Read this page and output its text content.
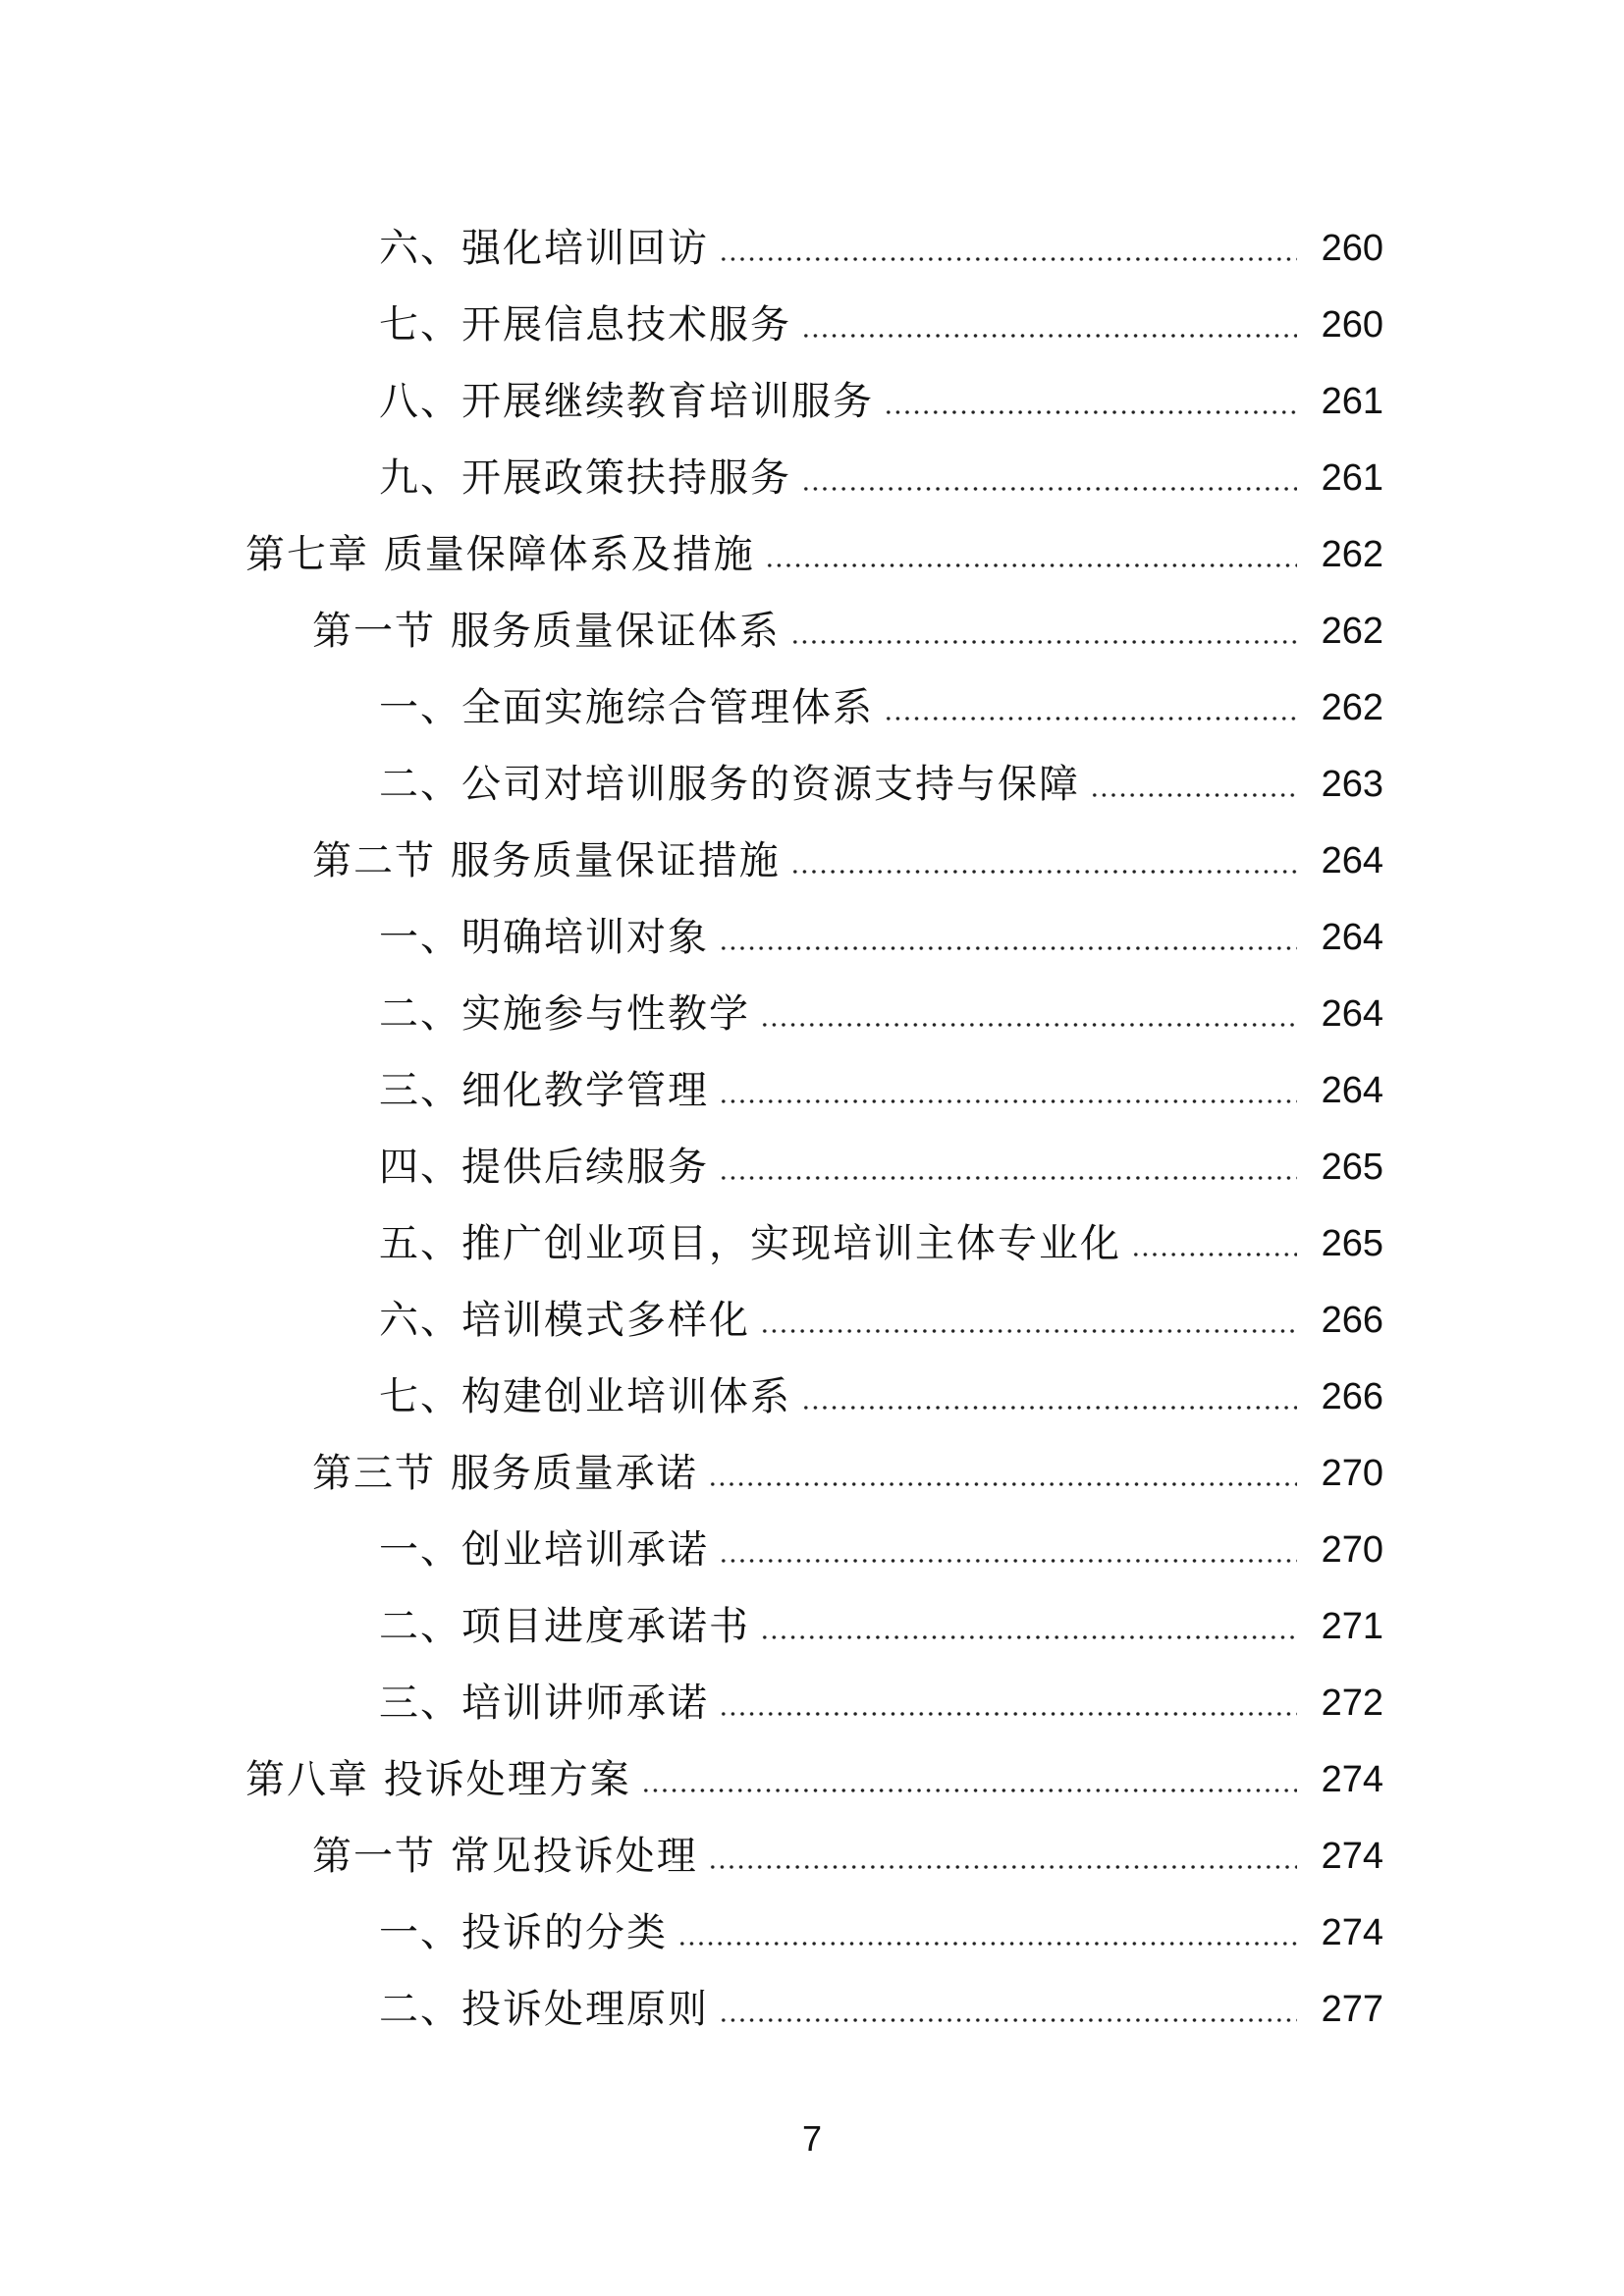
六、强化培训回访	260
七、开展信息技术服务	260
八、开展继续教育培训服务	261
九、开展政策扶持服务	261
第七章 质量保障体系及措施	262
第一节 服务质量保证体系	262
一、全面实施综合管理体系	262
二、公司对培训服务的资源支持与保障	263
第二节 服务质量保证措施	264
一、明确培训对象	264
二、实施参与性教学	264
三、细化教学管理	264
四、提供后续服务	265
五、推广创业项目，实现培训主体专业化	265
六、培训模式多样化	266
七、构建创业培训体系	266
第三节 服务质量承诺	270
一、创业培训承诺	270
二、项目进度承诺书	271
三、培训讲师承诺	272
第八章 投诉处理方案	274
第一节 常见投诉处理	274
一、投诉的分类	274
二、投诉处理原则	277
7
